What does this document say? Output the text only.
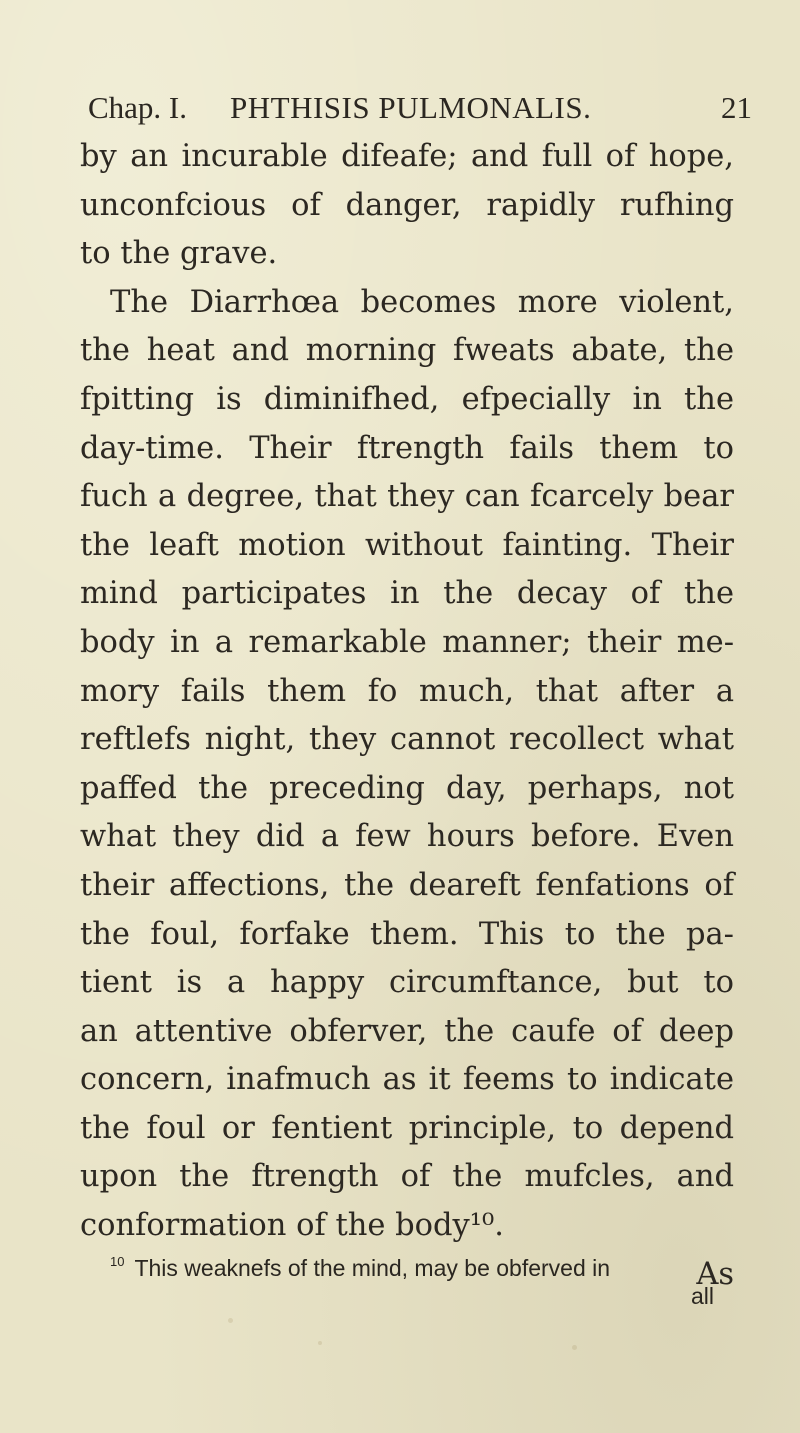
Chap. I. PHTHISIS PULMONALIS.	21
by an incurable difeafe; and full of hope,
unconfcious of danger, rapidly rufhing
to the grave.
The Diarrhœa becomes more violent,
the heat and morning fweats abate, the
fpitting is diminifhed, efpecially in the
day-time. Their ftrength fails them to
fuch a degree, that they can fcarcely bear
the leaft motion without fainting. Their
mind participates in the decay of the
body in a remarkable manner; their me-
mory fails them fo much, that after a
reftlefs night, they cannot recollect what
paffed the preceding day, perhaps, not
what they did a few hours before. Even
their affections, the deareft fenfations of
the foul, forfake them. This to the pa-
tient is a happy circumftance, but to
an attentive obferver, the caufe of deep
concern, inafmuch as it feems to indicate
the foul or fentient principle, to depend
upon the ftrength of the mufcles, and
conformation of the body¹⁰.
As
$^{10}$ This weaknefs of the mind, may be obferved in
all
